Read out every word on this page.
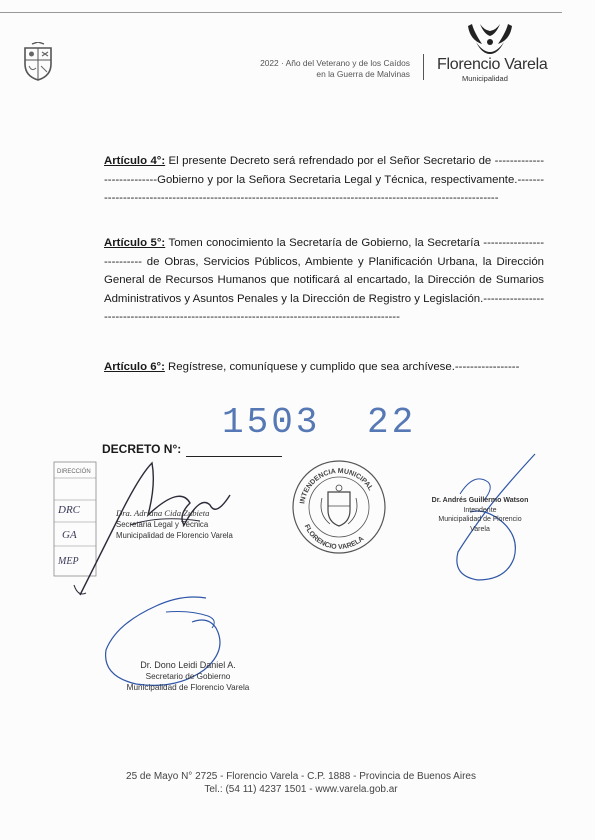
2022 · Año del Veterano y de los Caídos
en la Guerra de Malvinas
Florencio Varela
Municipalidad
Artículo 4°: El presente Decreto será refrendado por el Señor Secretario de ---------------------------Gobierno y por la Señora Secretaria Legal y Técnica, respectivamente.---------------------------------------------------------------------------------------------------------------
Artículo 5°: Tomen conocimiento la Secretaría de Gobierno, la Secretaría -------------------------- de Obras, Servicios Públicos, Ambiente y Planificación Urbana, la Dirección General de Recursos Humanos que notificará al encartado, la Dirección de Sumarios Administrativos y Asuntos Penales y la Dirección de Registro y Legislación.----------------------------------------------------------------------------------------------
Artículo 6°: Regístrese, comuníquese y cumplido que sea archívese.-----------------
1503 22
DECRETO N°:
DIRECCIÓN
DRC
GA
MEP
Dra. Adriana Cida Zubieta
Secretaria Legal y Técnica
Municipalidad de Florencio Varela
INTENDENCIA MUNICIPAL
FLORENCIO VARELA
Dr. Andrés Guillermo Watson
Intendente
Municipalidad de Florencio Varela
Dr. Dono Leidi Daniel A.
Secretario de Gobierno
Municipalidad de Florencio Varela
25 de Mayo N° 2725 - Florencio Varela - C.P. 1888 - Provincia de Buenos Aires
Tel.: (54 11) 4237 1501 - www.varela.gob.ar
